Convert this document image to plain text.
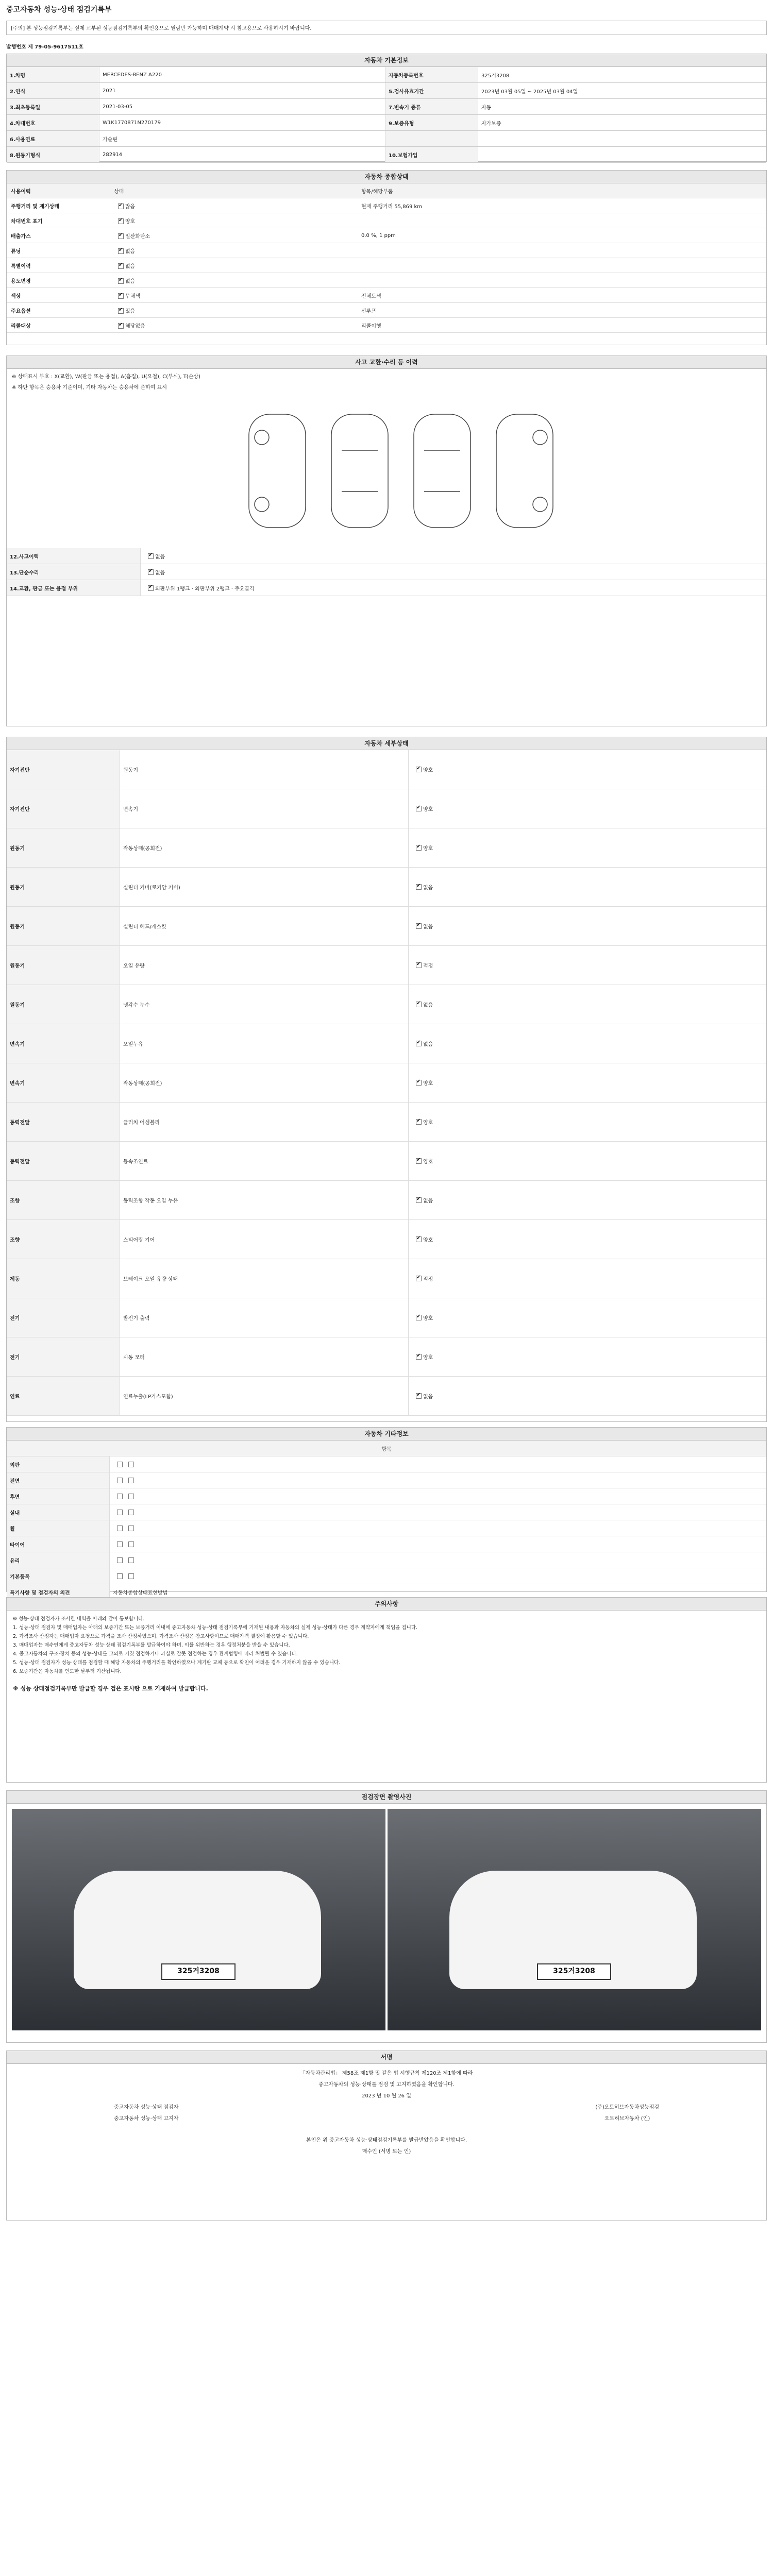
중고자동차 성능·상태 점검기록부
[주의] 본 성능점검기록부는 실제 교부된 성능점검기록부의 확인용으로 열람만 가능하며 매매계약 시 참고용으로 사용하시기 바랍니다.
발행번호 제 79-05-9617511호
자동차 기본정보
1.차명	MERCEDES-BENZ A220	자동차등록번호	325거3208
2.연식	2021	5.검사유효기간	2023년 03월 05일 ~ 2025년 03월 04일
3.최초등록일	2021-03-05	7.변속기 종류	자동
4.차대번호	W1K1770871N270179	9.보증유형	자가보증
6.사용연료	가솔린
8.원동기형식	282914	10.보험가입
자동차 종합상태
사용이력	상태	항목/해당부품
주행거리 및 계기상태 ✔	많음	현재 주행거리 55,869 km
차대번호 표기 ✔	양호
배출가스 ✔	일산화탄소	0.0 %, 1 ppm
튜닝 ✔	없음
특별이력 ✔	없음
용도변경 ✔	없음
색상 ✔	무채색	전체도색
주요옵션 ✔	있음	선루프
리콜대상 ✔	해당없음	리콜이행
사고 교환·수리 등 이력
※ 상태표시 부호 : X(교환), W(판금 또는 용접), A(흠집), U(요철), C(부식), T(손상)
※ 하단 항목은 승용차 기준이며, 기타 자동차는 승용차에 준하여 표시
12.사고이력 ✔	없음
13.단순수리 ✔	없음
14.교환, 판금 또는 용접 부위 ✔	외판부위 1랭크 · 외판부위 2랭크 · 주요골격
자동차 세부상태
자기진단	원동기 ✔	양호
자기진단	변속기 ✔	양호
원동기	작동상태(공회전) ✔	양호
원동기	실린더 커버(로커암 커버) ✔	없음
원동기	실린더 헤드/개스킷 ✔	없음
원동기	오일 유량 ✔	적정
원동기	냉각수 누수 ✔	없음
변속기	오일누유 ✔	없음
변속기	작동상태(공회전) ✔	양호
동력전달	클러치 어셈블리 ✔	양호
동력전달	등속조인트 ✔	양호
조향	동력조향 작동 오일 누유 ✔	없음
조향	스티어링 기어 ✔	양호
제동	브레이크 오일 유량 상태 ✔	적정
전기	발전기 출력 ✔	양호
전기	시동 모터 ✔	양호
연료	연료누출(LP가스포함) ✔	없음
자동차 기타정보
항목
외판
전면
후면
실내
휠
타이어
유리
기본품목
특기사항 및 점검자의 의견	자동차종합상태표현방법
주의사항
※ 성능·상태 점검자가 조사한 내역을 아래와 같이 통보합니다.
1. 성능·상태 점검자 및 매매업자는 아래의 보증기간 또는 보증거리 이내에 중고자동차 성능·상태 점검기록부에 기재된 내용과 자동차의 실제 성능·상태가 다른 경우 계약자에게 책임을 집니다.
2. 가격조사·산정자는 매매업자 요청으로 가격을 조사·산정하였으며, 가격조사·산정은 참고사항이므로 매매가격 결정에 활용할 수 있습니다.
3. 매매업자는 매수인에게 중고자동차 성능·상태 점검기록부를 발급하여야 하며, 이를 위반하는 경우 행정처분을 받을 수 있습니다.
4. 중고자동차의 구조·장치 등의 성능·상태를 고의로 거짓 점검하거나 과실로 잘못 점검하는 경우 관계법령에 따라 처벌될 수 있습니다.
5. 성능·상태 점검자가 성능·상태를 점검할 때 해당 자동차의 주행거리를 확인하였으나 계기판 교체 등으로 확인이 어려운 경우 기재하지 않을 수 있습니다.
6. 보증기간은 자동차를 인도한 날부터 기산됩니다.
※ 성능 상태점검기록부만 발급할 경우 검은 표시란 으로 기재하여 발급합니다.
점검장면 촬영사진
325거3208	325거3208
서명
「자동차관리법」 제58조 제1항 및 같은 법 시행규칙 제120조 제1항에 따라
중고자동차의 성능·상태를 점검 및 고지하였음을 확인합니다.
2023 년 10 월 26 일
중고자동차 성능·상태 점검자
중고자동차 성능·상태 고지자
(주)오토허브자동차성능점검
오토허브자동차 (인)
본인은 위 중고자동차 성능·상태점검기록부를 발급받았음을 확인합니다.
매수인 (서명 또는 인)
